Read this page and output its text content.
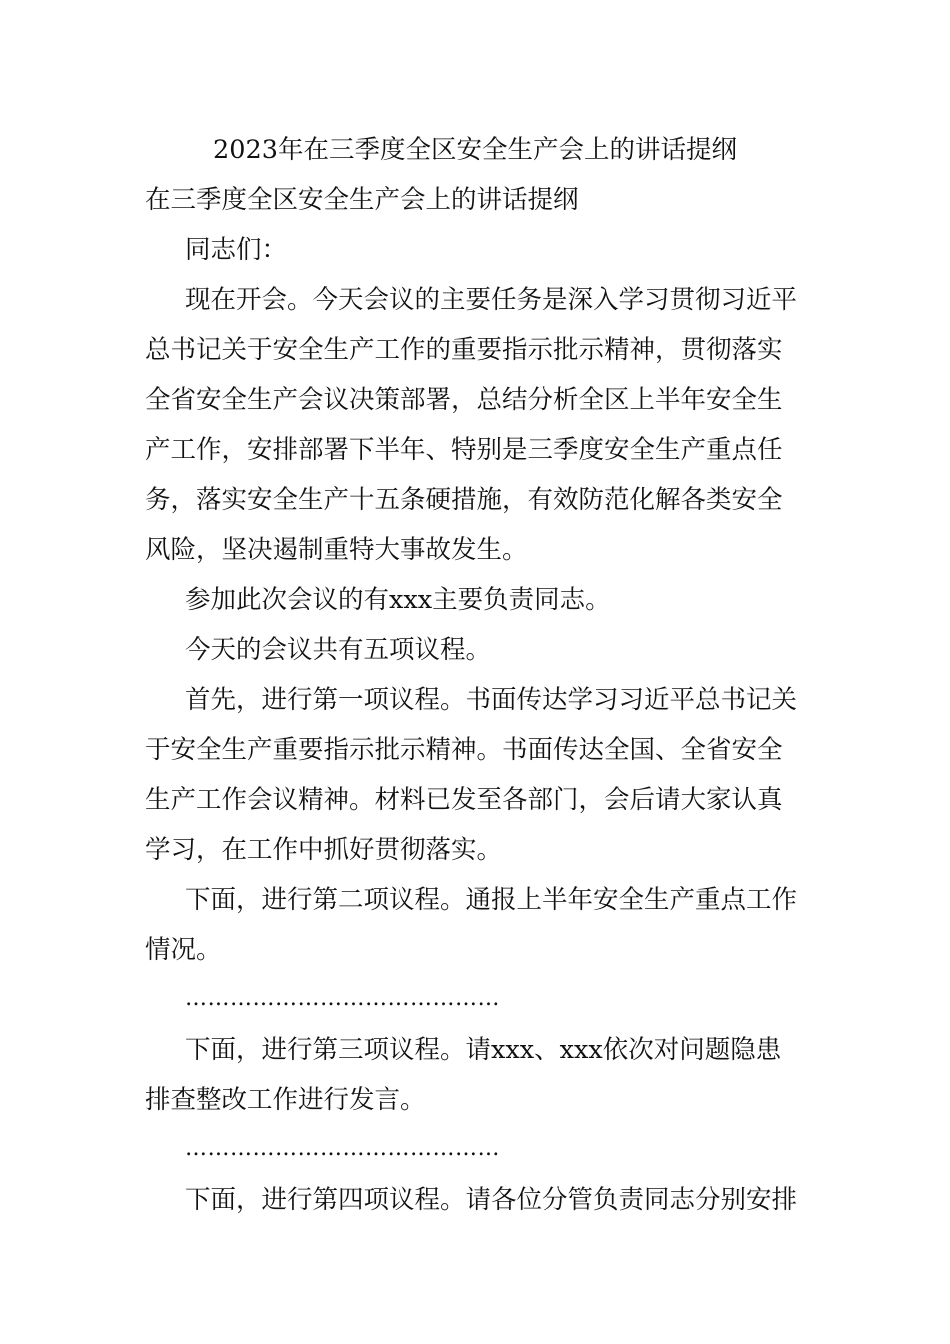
2023年在三季度全区安全生产会上的讲话提纲
在三季度全区安全生产会上的讲话提纲
同志们：
现在开会。今天会议的主要任务是深入学习贯彻习近平
总书记关于安全生产工作的重要指示批示精神，贯彻落实
全省安全生产会议决策部署，总结分析全区上半年安全生
产工作，安排部署下半年、特别是三季度安全生产重点任
务，落实安全生产十五条硬措施，有效防范化解各类安全
风险，坚决遏制重特大事故发生。
参加此次会议的有xxx主要负责同志。
今天的会议共有五项议程。
首先，进行第一项议程。书面传达学习习近平总书记关
于安全生产重要指示批示精神。书面传达全国、全省安全
生产工作会议精神。材料已发至各部门，会后请大家认真
学习，在工作中抓好贯彻落实。
下面，进行第二项议程。通报上半年安全生产重点工作
情况。
……………………………………
下面，进行第三项议程。请xxx、xxx依次对问题隐患
排查整改工作进行发言。
……………………………………
下面，进行第四项议程。请各位分管负责同志分别安排
